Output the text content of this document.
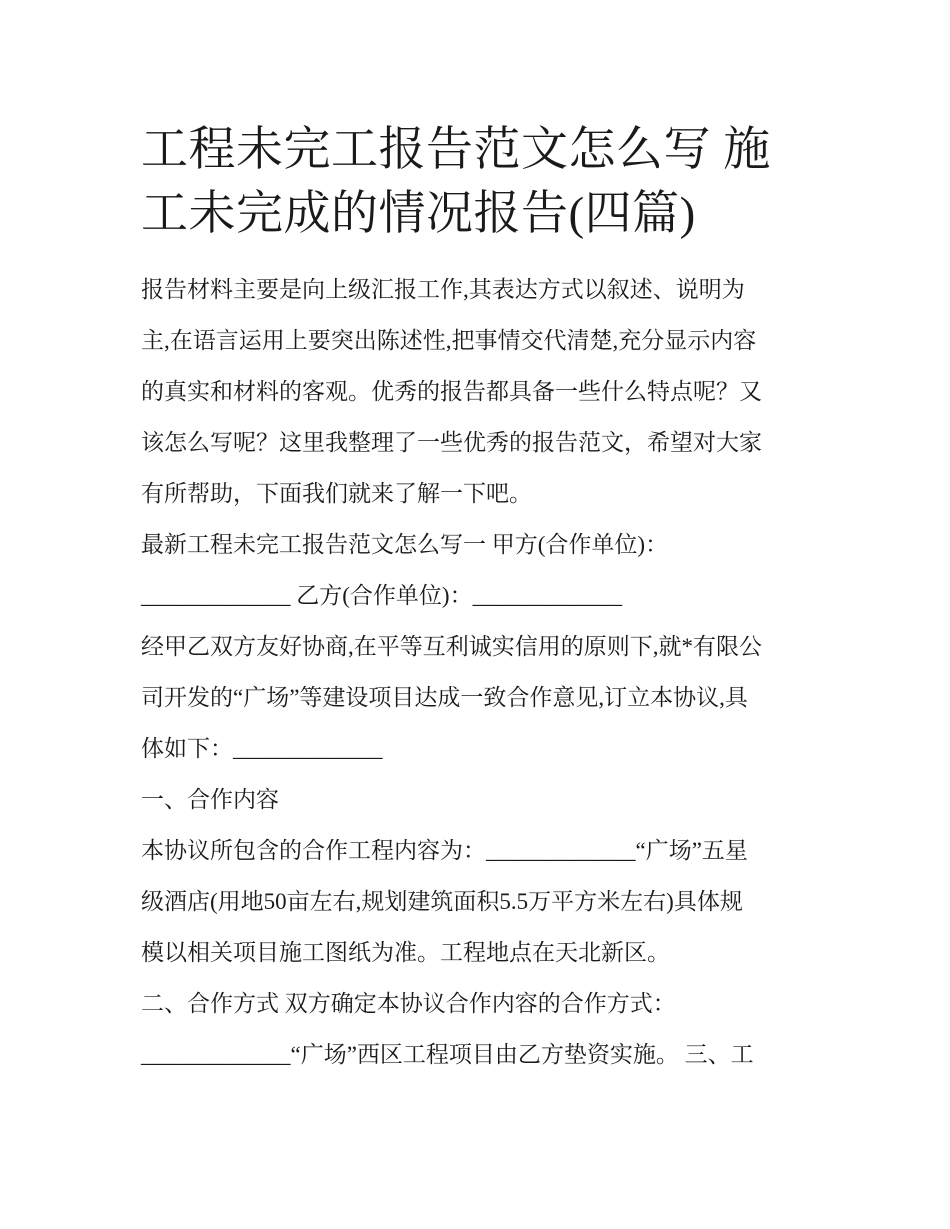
工程未完工报告范文怎么写 施
工未完成的情况报告(四篇)
报告材料主要是向上级汇报工作,其表达方式以叙述、说明为
主,在语言运用上要突出陈述性,把事情交代清楚,充分显示内容
的真实和材料的客观。优秀的报告都具备一些什么特点呢？又
该怎么写呢？这里我整理了一些优秀的报告范文，希望对大家
有所帮助，下面我们就来了解一下吧。
最新工程未完工报告范文怎么写一 甲方(合作单位)：
_____________ 乙方(合作单位)：_____________
经甲乙双方友好协商,在平等互利诚实信用的原则下,就*有限公
司开发的“广场”等建设项目达成一致合作意见,订立本协议,具
体如下：_____________
一、合作内容
本协议所包含的合作工程内容为：_____________“广场”五星
级酒店(用地50亩左右,规划建筑面积5.5万平方米左右)具体规
模以相关项目施工图纸为准。工程地点在天北新区。
二、合作方式 双方确定本协议合作内容的合作方式：
_____________“广场”西区工程项目由乙方垫资实施。 三、工
